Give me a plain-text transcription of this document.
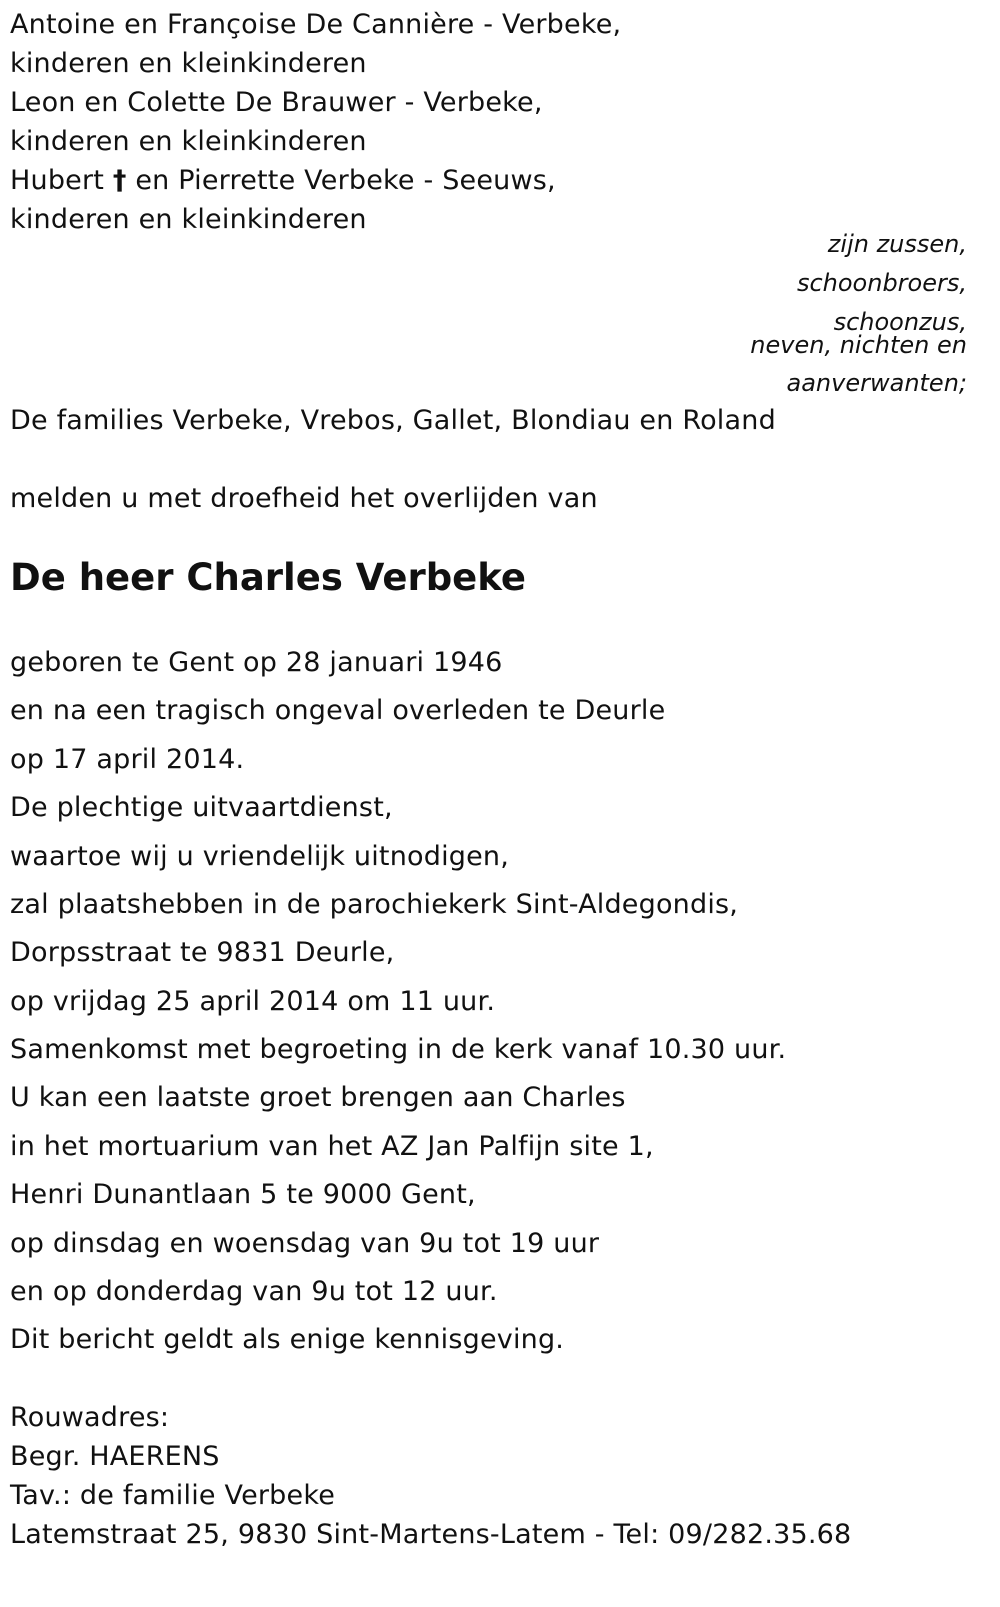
Antoine en Françoise De Cannière - Verbeke,
kinderen en kleinkinderen
Leon en Colette De Brauwer - Verbeke,
kinderen en kleinkinderen
Hubert † en Pierrette Verbeke - Seeuws,
kinderen en kleinkinderen
zijn zussen,
schoonbroers,
schoonzus,
neven, nichten en
aanverwanten;
De families Verbeke, Vrebos, Gallet, Blondiau en Roland
melden u met droefheid het overlijden van
De heer Charles Verbeke
geboren te Gent op 28 januari 1946
en na een tragisch ongeval overleden te Deurle
op 17 april 2014.
De plechtige uitvaartdienst,
waartoe wij u vriendelijk uitnodigen,
zal plaatshebben in de parochiekerk Sint-Aldegondis,
Dorpsstraat te 9831 Deurle,
op vrijdag 25 april 2014 om 11 uur.
Samenkomst met begroeting in de kerk vanaf 10.30 uur.
U kan een laatste groet brengen aan Charles
in het mortuarium van het AZ Jan Palfijn site 1,
Henri Dunantlaan 5 te 9000 Gent,
op dinsdag en woensdag van 9u tot 19 uur
en op donderdag van 9u tot 12 uur.
Dit bericht geldt als enige kennisgeving.
Rouwadres:
Begr. HAERENS
Tav.: de familie Verbeke
Latemstraat 25, 9830 Sint-Martens-Latem - Tel: 09/282.35.68
